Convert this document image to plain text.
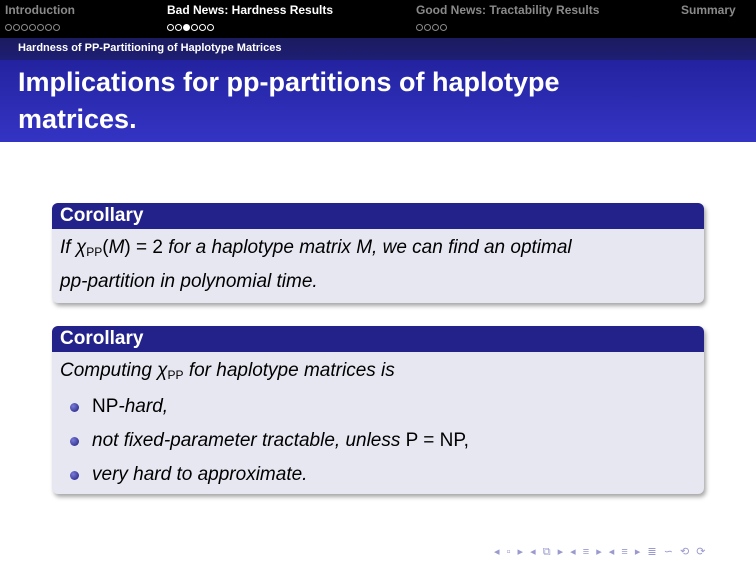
Introduction	Bad News: Hardness Results	Good News: Tractability Results	Summary
Hardness of PP-Partitioning of Haplotype Matrices
Implications for pp-partitions of haplotype matrices.
Corollary
If $\chi_{PP}(M) = 2$ for a haplotype matrix M, we can find an optimal
pp-partition in polynomial time.
Corollary
Computing $\chi_{PP}$ for haplotype matrices is
NP-hard,
not fixed-parameter tractable, unless P = NP,
very hard to approximate.
◂ ▫ ▸ ◂ ⧉ ▸ ◂ ≡ ▸ ◂ ≡ ▸ ≣ ∽ ⟲ ⟳
